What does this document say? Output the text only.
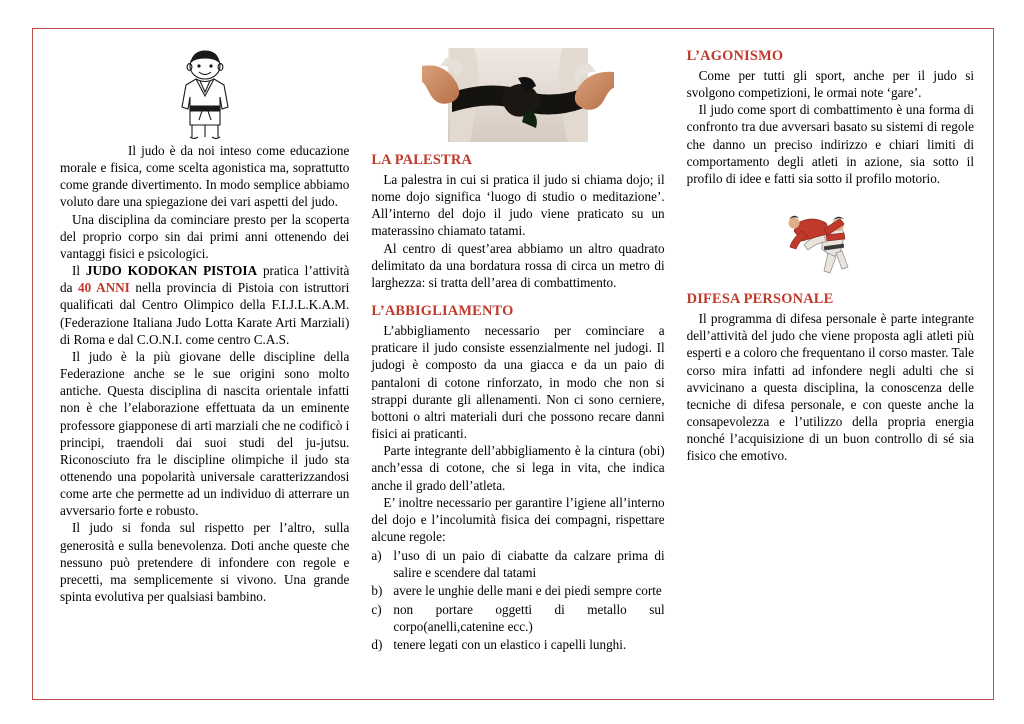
Il judo è da noi inteso come educazione morale e fisica, come scelta agonistica ma, soprattutto come grande divertimento. In modo semplice abbiamo voluto dare una spiegazione dei vari aspetti del judo.

Una disciplina da cominciare presto per la scoperta del proprio corpo sin dai primi anni ottenendo dei vantaggi fisici e psicologici.

Il JUDO KODOKAN PISTOIA pratica l’attività da 40 ANNI nella provincia di Pistoia con istruttori qualificati dal Centro Olimpico della F.I.J.L.K.A.M.(Federazione Italiana Judo Lotta Karate Arti Marziali) di Roma e dal C.O.N.I. come centro C.A.S.

Il judo è la più giovane delle discipline della Federazione anche se le sue origini sono molto antiche. Questa disciplina di nascita orientale infatti non è che l’elaborazione effettuata da un eminente professore giapponese di arti marziali che ne codificò i principi, traendoli dai suoi studi del ju-jutsu. Riconosciuto fra le discipline olimpiche il judo sta ottenendo una popolarità universale caratterizzandosi come arte che permette ad un individuo di atterrare un avversario forte e robusto.

Il judo si fonda sul rispetto per l’altro, sulla generosità e sulla benevolenza. Doti anche queste che nessuno può pretendere di infondere con regole e precetti, ma semplicemente si vivono. Una grande spinta evolutiva per qualsiasi bambino.

LA PALESTRA

La palestra in cui si pratica il judo si chiama dojo; il nome dojo significa ‘luogo di studio o meditazione’. All’interno del dojo il judo viene praticato su un materassino chiamato tatami.

Al centro di quest’area abbiamo un altro quadrato delimitato da una bordatura rossa di circa un metro di larghezza: si tratta dell’area di combattimento.

L’ABBIGLIAMENTO

L’abbigliamento necessario per cominciare a praticare il judo consiste essenzialmente nel judogi. Il judogi è composto da una giacca e da un paio di pantaloni di cotone rinforzato, in modo che non si strappi durante gli allenamenti. Non ci sono cerniere, bottoni o altri materiali duri che possono recare danni fisici ai praticanti.

Parte integrante dell’abbigliamento è la cintura (obi) anch’essa di cotone, che si lega in vita, che indica anche il grado dell’atleta.

E’ inoltre necessario per garantire l’igiene all’interno del dojo e l’incolumità fisica dei compagni, rispettare alcune regole:

a) l’uso di un paio di ciabatte da calzare prima di salire e scendere dal tatami
b) avere le unghie delle mani e dei piedi sempre corte
c) non portare oggetti di metallo sul corpo(anelli,catenine ecc.)
d) tenere legati con un elastico i capelli lunghi.
L’AGONISMO

Come per tutti gli sport, anche per il judo si svolgono competizioni, le ormai note ‘gare’.

Il judo come sport di combattimento è una forma di confronto tra due avversari basato su sistemi di regole che danno un preciso indirizzo e chiari limiti di comportamento degli atleti in azione, sia sotto il profilo di idee e fatti sia sotto il profilo motorio.

DIFESA PERSONALE

Il programma di difesa personale è parte integrante dell’attività del judo che viene proposta agli atleti più esperti e a coloro che frequentano il corso master. Tale corso mira infatti ad infondere negli adulti che si avvicinano a questa disciplina, la conoscenza delle tecniche di difesa personale, e con queste anche la consapevolezza e l’utilizzo della propria energia nonché l’acquisizione di un buon controllo di sé sia fisico che emotivo.
